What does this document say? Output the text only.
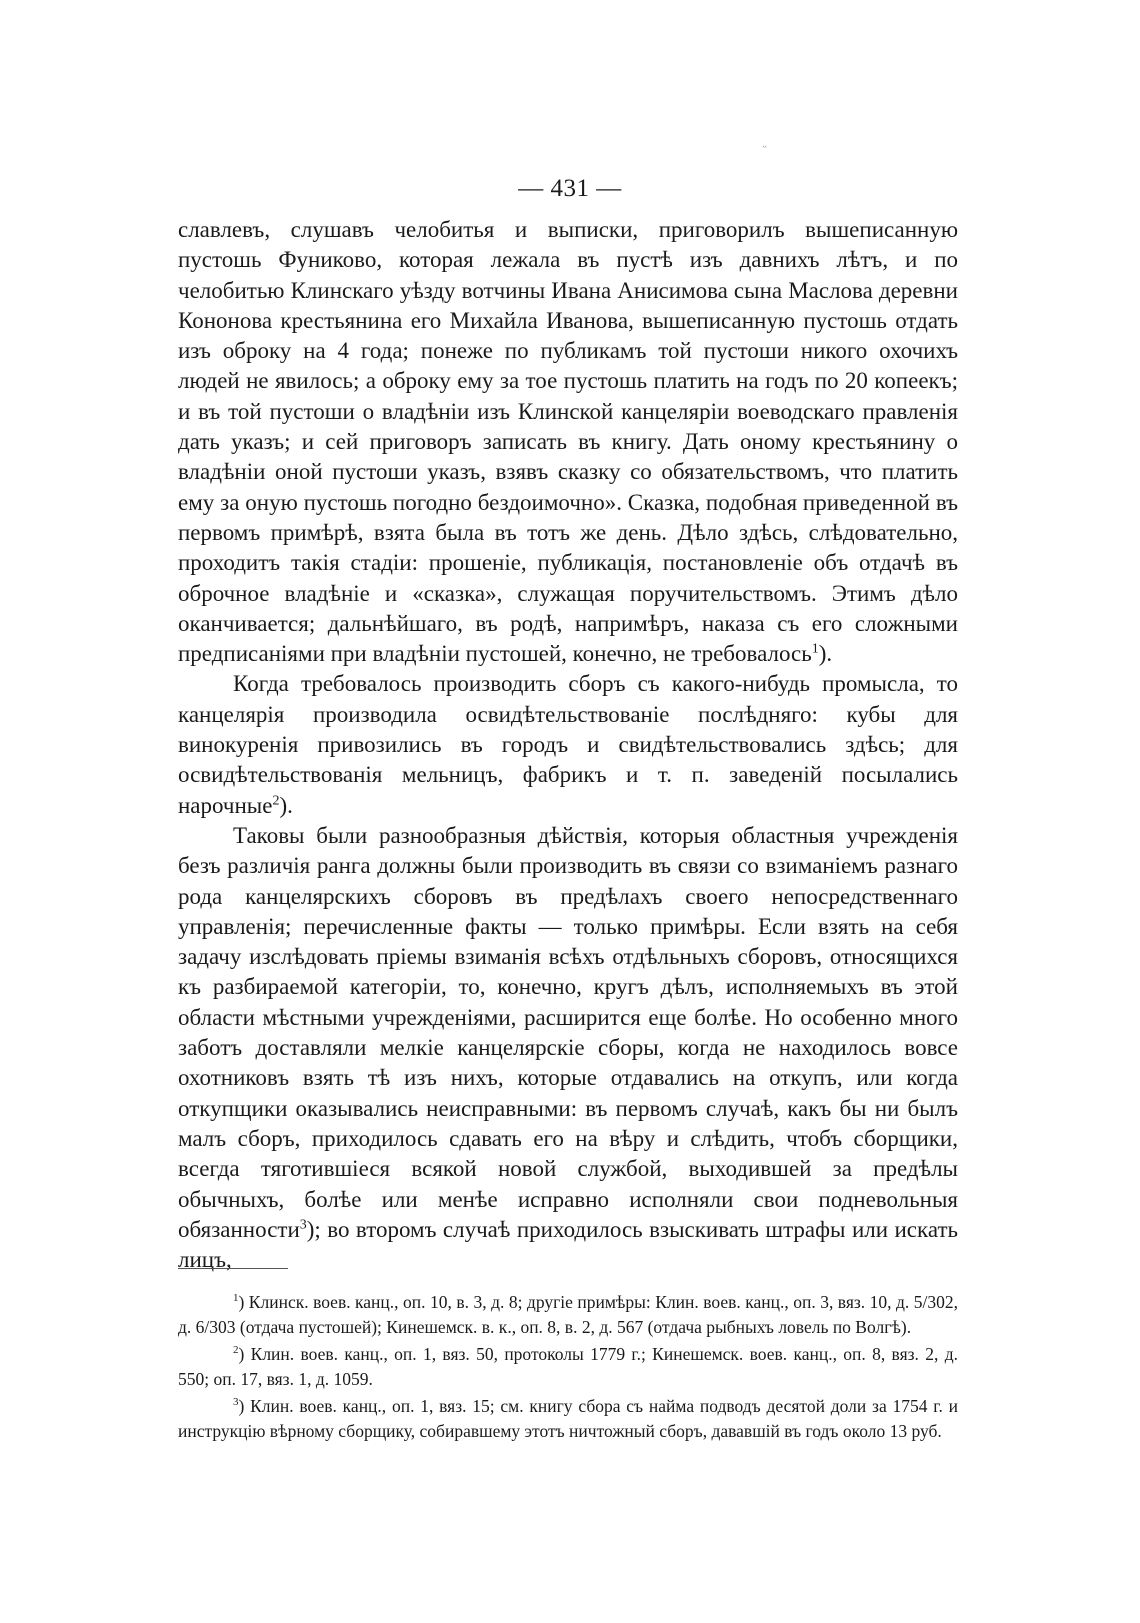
ᵕ
— 431 —

славлевъ, слушавъ челобитья и выписки, приговорилъ вышеписанную пустошь Фуниково, которая лежала въ пустѣ изъ давнихъ лѣтъ, и по челобитью Клинскаго уѣзду вотчины Ивана Анисимова сына Маслова деревни Кононова крестьянина его Михайла Иванова, вышеписанную пустошь отдать изъ оброку на 4 года; понеже по публикамъ той пустоши никого охочихъ людей не явилось; а оброку ему за тое пустошь платить на годъ по 20 копеекъ; и въ той пустоши о владѣніи изъ Клинской канцеляріи воеводскаго правленія дать указъ; и сей приговоръ записать въ книгу. Дать оному крестьянину о владѣніи оной пустоши указъ, взявъ сказку со обязательствомъ, что платить ему за оную пустошь погодно бездоимочно». Сказка, подобная приведенной въ первомъ примѣрѣ, взята была въ тотъ же день. Дѣло здѣсь, слѣдовательно, проходитъ такія стадіи: прошеніе, публикація, постановленіе объ отдачѣ въ оброчное владѣніе и «сказка», служащая поручительствомъ. Этимъ дѣло оканчивается; дальнѣйшаго, въ родѣ, напримѣръ, наказа съ его сложными предписаніями при владѣніи пустошей, конечно, не требовалось$^1$).

Когда требовалось производить сборъ съ какого-нибудь промысла, то канцелярія производила освидѣтельствованіе послѣдняго: кубы для винокуренія привозились въ городъ и свидѣтельствовались здѣсь; для освидѣтельствованія мельницъ, фабрикъ и т. п. заведеній посылались нарочные$^2$).

Таковы были разнообразныя дѣйствія, которыя областныя учрежденія безъ различія ранга должны были производить въ связи со взиманіемъ разнаго рода канцелярскихъ сборовъ въ предѣлахъ своего непосредственнаго управленія; перечисленные факты — только примѣры. Если взять на себя задачу изслѣдовать пріемы взиманія всѣхъ отдѣльныхъ сборовъ, относящихся къ разбираемой категоріи, то, конечно, кругъ дѣлъ, исполняемыхъ въ этой области мѣстными учрежденіями, расширится еще болѣе. Но особенно много заботъ доставляли мелкіе канцелярскіе сборы, когда не находилось вовсе охотниковъ взять тѣ изъ нихъ, которые отдавались на откупъ, или когда откупщики оказывались неисправными: въ первомъ случаѣ, какъ бы ни былъ малъ сборъ, приходилось сдавать его на вѣру и слѣдить, чтобъ сборщики, всегда тяготившіеся всякой новой службой, выходившей за предѣлы обычныхъ, болѣе или менѣе исправно исполняли свои подневольныя обязанности$^3$); во второмъ случаѣ приходилось взыскивать штрафы или искать лицъ,

$^1$) Клинск. воев. канц., оп. 10, в. 3, д. 8; другіе примѣры: Клин. воев. канц., оп. 3, вяз. 10, д. 5/302, д. 6/303 (отдача пустошей); Кинешемск. в. к., оп. 8, в. 2, д. 567 (отдача рыбныхъ ловель по Волгѣ).

$^2$) Клин. воев. канц., оп. 1, вяз. 50, протоколы 1779 г.; Кинешемск. воев. канц., оп. 8, вяз. 2, д. 550; оп. 17, вяз. 1, д. 1059.

$^3$) Клин. воев. канц., оп. 1, вяз. 15; см. книгу сбора съ найма подводъ десятой доли за 1754 г. и инструкцію вѣрному сборщику, собиравшему этотъ ничтожный сборъ, дававшій въ годъ около 13 руб.
